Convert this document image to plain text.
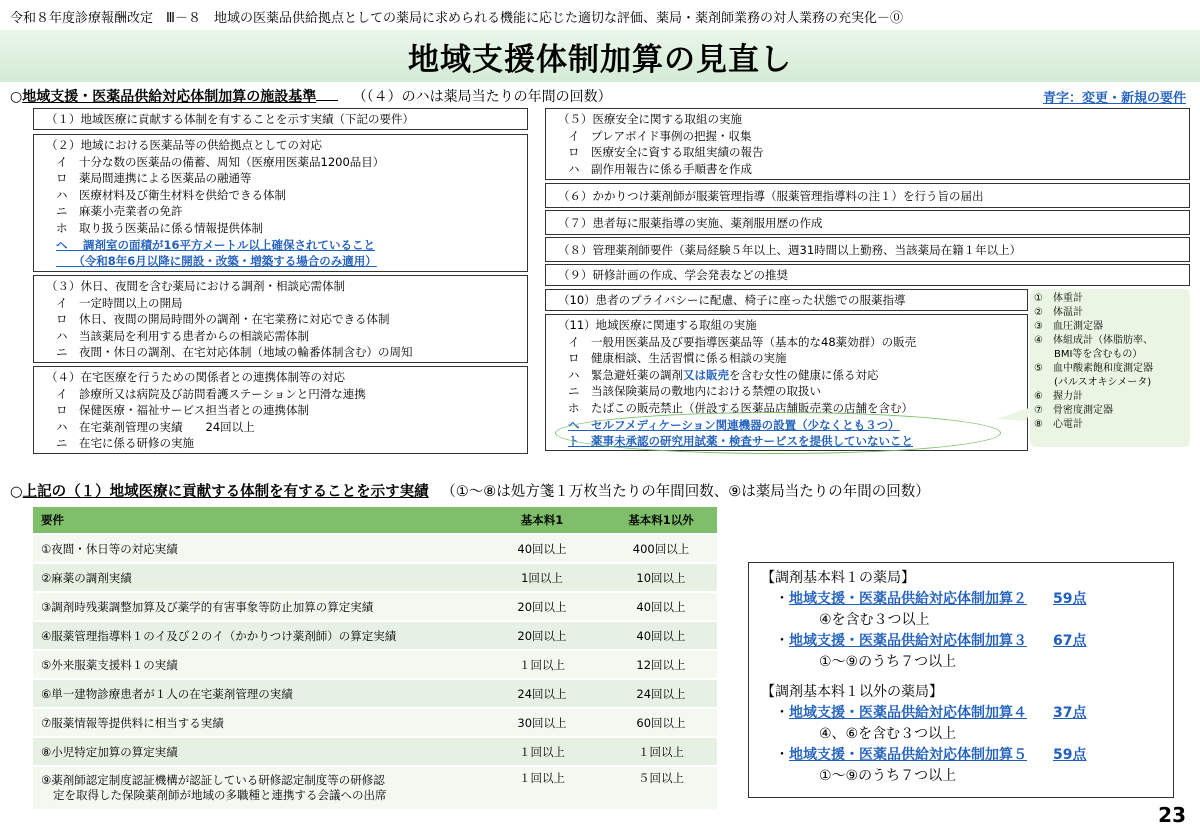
令和８年度診療報酬改定　Ⅲ－８　地域の医薬品供給拠点としての薬局に求められる機能に応じた適切な評価、薬局・薬剤師業務の対人業務の充実化－⓪
地域支援体制加算の見直し
○地域支援・医薬品供給対応体制加算の施設基準	（（４）のハは薬局当たりの年間の回数）	青字：変更・新規の要件
（１）地域医療に貢献する体制を有することを示す実績（下記の要件）
（２）地域における医薬品等の供給拠点としての対応
イ　十分な数の医薬品の備蓄、周知（医療用医薬品1200品目）
ロ　薬局間連携による医薬品の融通等
ハ　医療材料及び衛生材料を供給できる体制
ニ　麻薬小売業者の免許
ホ　取り扱う医薬品に係る情報提供体制
へ　 調剤室の面積が16平方メートル以上確保されていること
　　（令和8年6月以降に開設・改築・増築する場合のみ適用）
（３）休日、夜間を含む薬局における調剤・相談応需体制
イ　一定時間以上の開局
ロ　休日、夜間の開局時間外の調剤・在宅業務に対応できる体制
ハ　当該薬局を利用する患者からの相談応需体制
ニ　夜間・休日の調剤、在宅対応体制（地域の輪番体制含む）の周知
（４）在宅医療を行うための関係者との連携体制等の対応
イ　診療所又は病院及び訪問看護ステーションと円滑な連携
ロ　保健医療・福祉サービス担当者との連携体制
ハ　在宅薬剤管理の実績　　24回以上
ニ　在宅に係る研修の実施
（５）医療安全に関する取組の実施
イ　プレアボイド事例の把握・収集
ロ　医療安全に資する取組実績の報告
ハ　副作用報告に係る手順書を作成
（６）かかりつけ薬剤師が服薬管理指導（服薬管理指導料の注１）を行う旨の届出
（７）患者毎に服薬指導の実施、薬剤服用歴の作成
（８）管理薬剤師要件（薬局経験５年以上、週31時間以上勤務、当該薬局在籍１年以上）
（９）研修計画の作成、学会発表などの推奨
（10）患者のプライバシーに配慮、椅子に座った状態での服薬指導
（11）地域医療に関連する取組の実施
イ　一般用医薬品及び要指導医薬品等（基本的な48薬効群）の販売
ロ　健康相談、生活習慣に係る相談の実施
ハ　緊急避妊薬の調剤又は販売を含む女性の健康に係る対応
ニ　当該保険薬局の敷地内における禁煙の取扱い
ホ　たばこの販売禁止（併設する医薬品店舗販売業の店舗を含む）
へ　セルフメディケーション関連機器の設置（少なくとも３つ）
ト　薬事未承認の研究用試薬・検査サービスを提供していないこと
①　体重計
②　体温計
③　血圧測定器
④　体組成計（体脂肪率、
　　BMI等を含むもの）
⑤　血中酸素飽和度測定器
　　(パルスオキシメータ)
⑥　握力計
⑦　骨密度測定器
⑧　心電計
○上記の（１）地域医療に貢献する体制を有することを示す実績 （①～⑧は処方箋１万枚当たりの年間回数、⑨は薬局当たりの年間の回数）
要件	基本料1	基本料1以外
①夜間・休日等の対応実績	40回以上	400回以上
②麻薬の調剤実績	1回以上	10回以上
③調剤時残薬調整加算及び薬学的有害事象等防止加算の算定実績	20回以上	40回以上
④服薬管理指導料１のイ及び２のイ（かかりつけ薬剤師）の算定実績	20回以上	40回以上
⑤外来服薬支援料１の実績	１回以上	12回以上
⑥単一建物診療患者が１人の在宅薬剤管理の実績	24回以上	24回以上
⑦服薬情報等提供料に相当する実績	30回以上	60回以上
⑧小児特定加算の算定実績	１回以上	１回以上

⑨薬剤師認定制度認証機構が認証している研修認定制度等の研修認
定を取得した保険薬剤師が地域の多職種と連携する会議への出席	１回以上	５回以上
【調剤基本料１の薬局】
・地域支援・医薬品供給対応体制加算２ 59点
④を含む３つ以上
・地域支援・医薬品供給対応体制加算３ 67点
①～⑨のうち７つ以上
【調剤基本料１以外の薬局】
・地域支援・医薬品供給対応体制加算４ 37点
④、⑥を含む３つ以上
・地域支援・医薬品供給対応体制加算５ 59点
①～⑨のうち７つ以上
23
